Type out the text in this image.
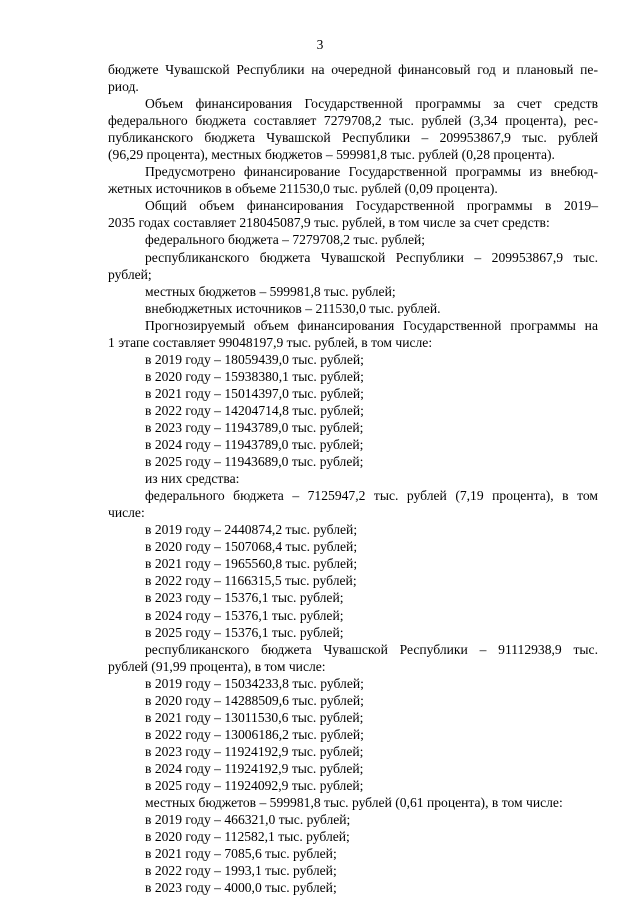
3
бюджете Чувашской Республики на очередной финансовый год и плановый пе-
риод.
Объем финансирования Государственной программы за счет средств
федерального бюджета составляет 7279708,2 тыс. рублей (3,34 процента), рес-
публиканского бюджета Чувашской Республики – 209953867,9 тыс. рублей
(96,29 процента), местных бюджетов – 599981,8 тыс. рублей (0,28 процента).
Предусмотрено финансирование Государственной программы из внебюд-
жетных источников в объеме 211530,0 тыс. рублей (0,09 процента).
Общий объем финансирования Государственной программы в 2019–
2035 годах составляет 218045087,9 тыс. рублей, в том числе за счет средств:
федерального бюджета – 7279708,2 тыс. рублей;
республиканского бюджета Чувашской Республики – 209953867,9 тыс.
рублей;
местных бюджетов – 599981,8 тыс. рублей;
внебюджетных источников – 211530,0 тыс. рублей.
Прогнозируемый объем финансирования Государственной программы на
1 этапе составляет 99048197,9 тыс. рублей, в том числе:
в 2019 году – 18059439,0 тыс. рублей;
в 2020 году – 15938380,1 тыс. рублей;
в 2021 году – 15014397,0 тыс. рублей;
в 2022 году – 14204714,8 тыс. рублей;
в 2023 году – 11943789,0 тыс. рублей;
в 2024 году – 11943789,0 тыс. рублей;
в 2025 году – 11943689,0 тыс. рублей;
из них средства:
федерального бюджета – 7125947,2 тыс. рублей (7,19 процента), в том
числе:
в 2019 году – 2440874,2 тыс. рублей;
в 2020 году – 1507068,4 тыс. рублей;
в 2021 году – 1965560,8 тыс. рублей;
в 2022 году – 1166315,5 тыс. рублей;
в 2023 году – 15376,1 тыс. рублей;
в 2024 году – 15376,1 тыс. рублей;
в 2025 году – 15376,1 тыс. рублей;
республиканского бюджета Чувашской Республики – 91112938,9 тыс.
рублей (91,99 процента), в том числе:
в 2019 году – 15034233,8 тыс. рублей;
в 2020 году – 14288509,6 тыс. рублей;
в 2021 году – 13011530,6 тыс. рублей;
в 2022 году – 13006186,2 тыс. рублей;
в 2023 году – 11924192,9 тыс. рублей;
в 2024 году – 11924192,9 тыс. рублей;
в 2025 году – 11924092,9 тыс. рублей;
местных бюджетов – 599981,8 тыс. рублей (0,61 процента), в том числе:
в 2019 году – 466321,0 тыс. рублей;
в 2020 году – 112582,1 тыс. рублей;
в 2021 году – 7085,6 тыс. рублей;
в 2022 году – 1993,1 тыс. рублей;
в 2023 году – 4000,0 тыс. рублей;
